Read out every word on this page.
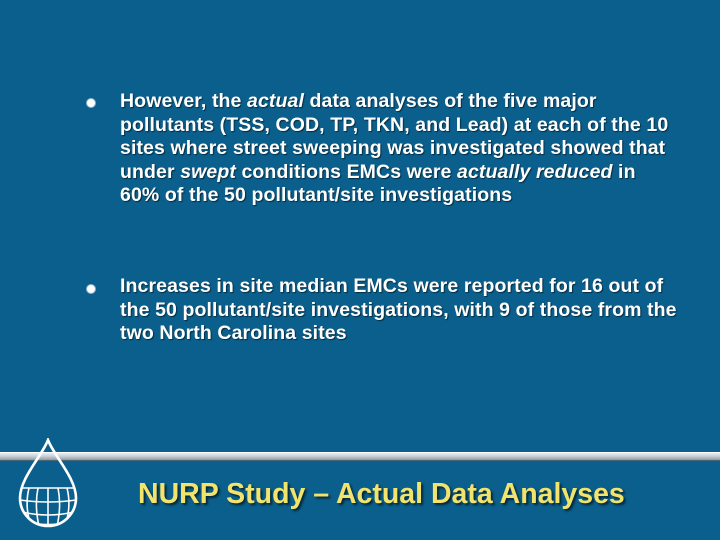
However, the actual data analyses of the five major pollutants (TSS, COD, TP, TKN, and Lead) at each of the 10 sites where street sweeping was investigated showed that under swept conditions EMCs were actually reduced in 60% of the 50 pollutant/site investigations
Increases in site median EMCs were reported for 16 out of the 50 pollutant/site investigations, with 9 of those from the two North Carolina sites
NURP Study – Actual Data Analyses
